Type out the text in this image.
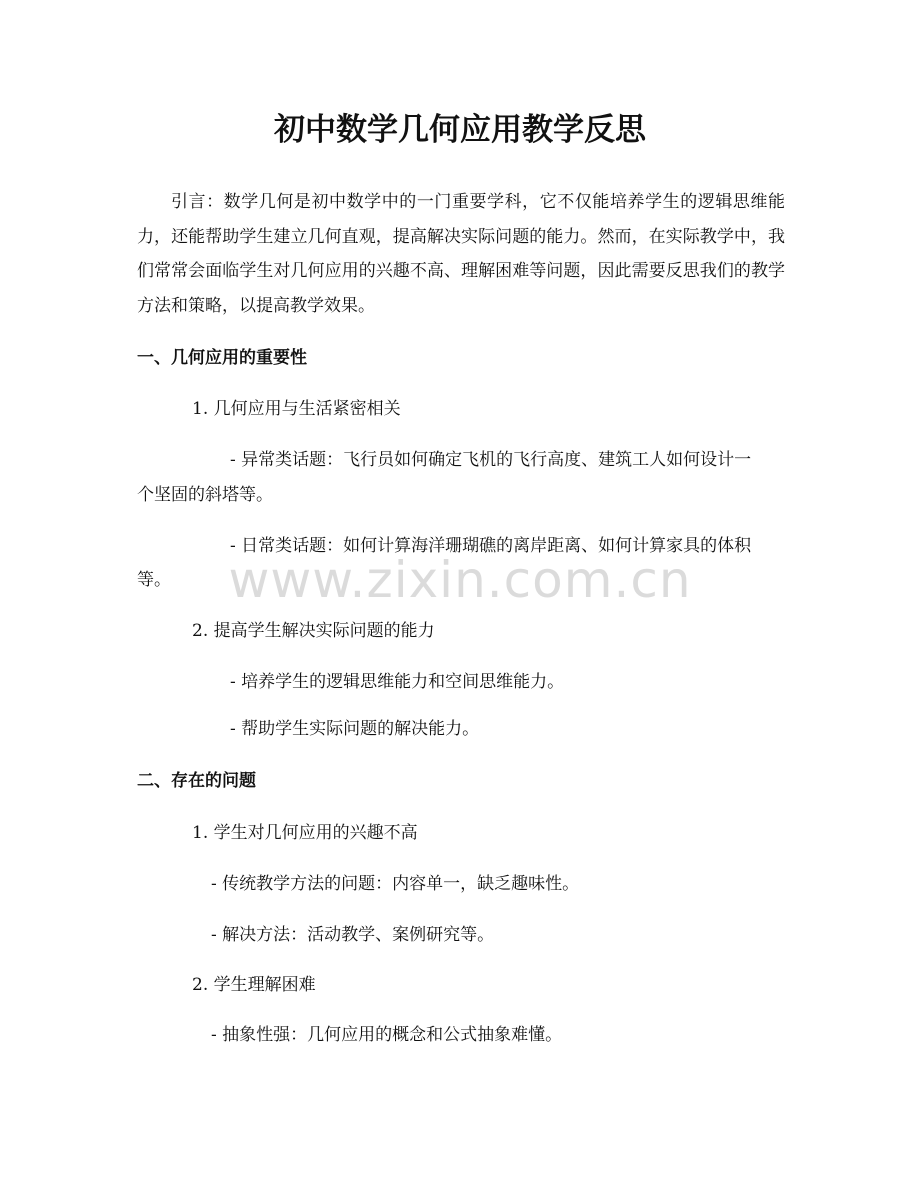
初中数学几何应用教学反思
引言：数学几何是初中数学中的一门重要学科，它不仅能培养学生的逻辑思维能力，还能帮助学生建立几何直观，提高解决实际问题的能力。然而，在实际教学中，我们常常会面临学生对几何应用的兴趣不高、理解困难等问题，因此需要反思我们的教学方法和策略，以提高教学效果。
一、几何应用的重要性
1. 几何应用与生活紧密相关
- 异常类话题：飞行员如何确定飞机的飞行高度、建筑工人如何设计一
个坚固的斜塔等。
- 日常类话题：如何计算海洋珊瑚礁的离岸距离、如何计算家具的体积
等。
2. 提高学生解决实际问题的能力
- 培养学生的逻辑思维能力和空间思维能力。
- 帮助学生实际问题的解决能力。
二、存在的问题
1. 学生对几何应用的兴趣不高
- 传统教学方法的问题：内容单一，缺乏趣味性。
- 解决方法：活动教学、案例研究等。
2. 学生理解困难
- 抽象性强：几何应用的概念和公式抽象难懂。
www.zixin.com.cn
